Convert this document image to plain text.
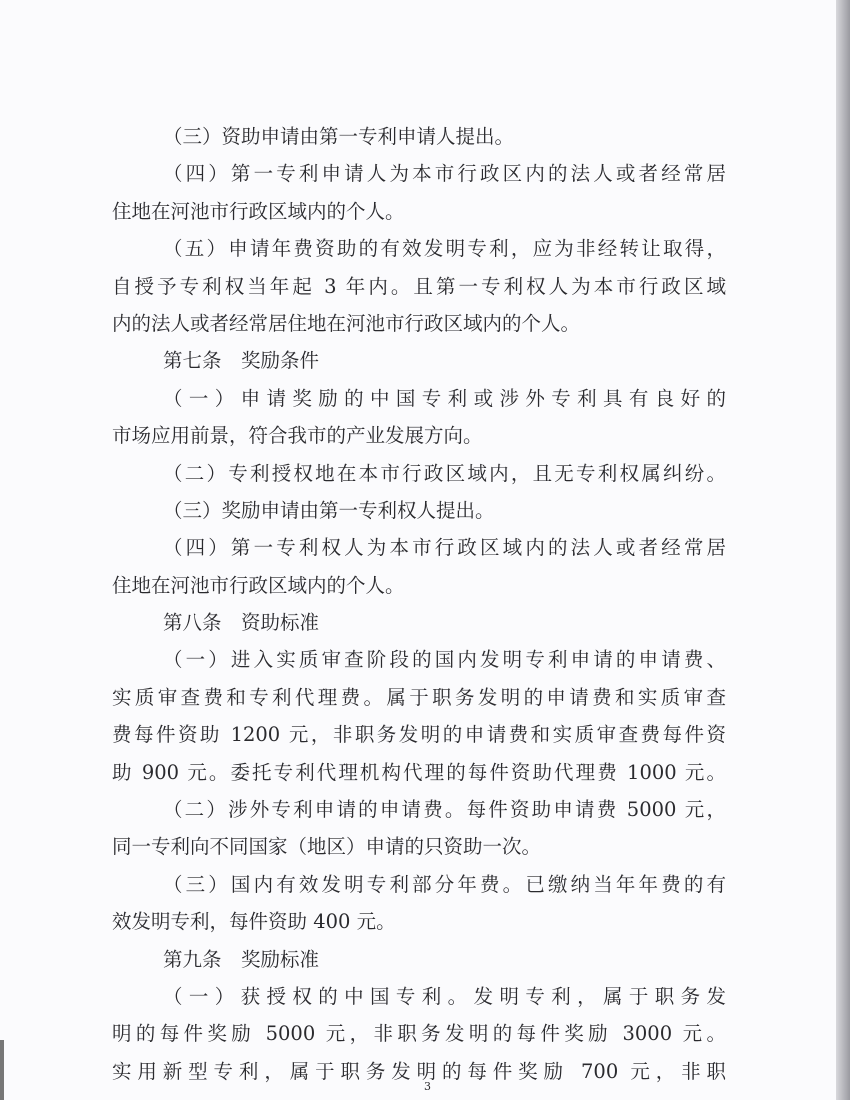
（三）资助申请由第一专利申请人提出。
（四）第一专利申请人为本市行政区内的法人或者经常居
住地在河池市行政区域内的个人。
（五）申请年费资助的有效发明专利，应为非经转让取得，
自授予专利权当年起 3 年内。且第一专利权人为本市行政区域
内的法人或者经常居住地在河池市行政区域内的个人。
第七条　奖励条件
（一）申请奖励的中国专利或涉外专利具有良好的
市场应用前景，符合我市的产业发展方向。
（二）专利授权地在本市行政区域内，且无专利权属纠纷。
（三）奖励申请由第一专利权人提出。
（四）第一专利权人为本市行政区域内的法人或者经常居
住地在河池市行政区域内的个人。
第八条　资助标准
（一）进入实质审查阶段的国内发明专利申请的申请费、
实质审查费和专利代理费。属于职务发明的申请费和实质审查
费每件资助 1200 元，非职务发明的申请费和实质审查费每件资
助 900 元。委托专利代理机构代理的每件资助代理费 1000 元。
（二）涉外专利申请的申请费。每件资助申请费 5000 元，
同一专利向不同国家（地区）申请的只资助一次。
（三）国内有效发明专利部分年费。已缴纳当年年费的有
效发明专利，每件资助 400 元。
第九条　奖励标准
（一）获授权的中国专利。发明专利，属于职务发
明的每件奖励 5000 元，非职务发明的每件奖励 3000 元。
实用新型专利，属于职务发明的每件奖励 700 元，非职
3
